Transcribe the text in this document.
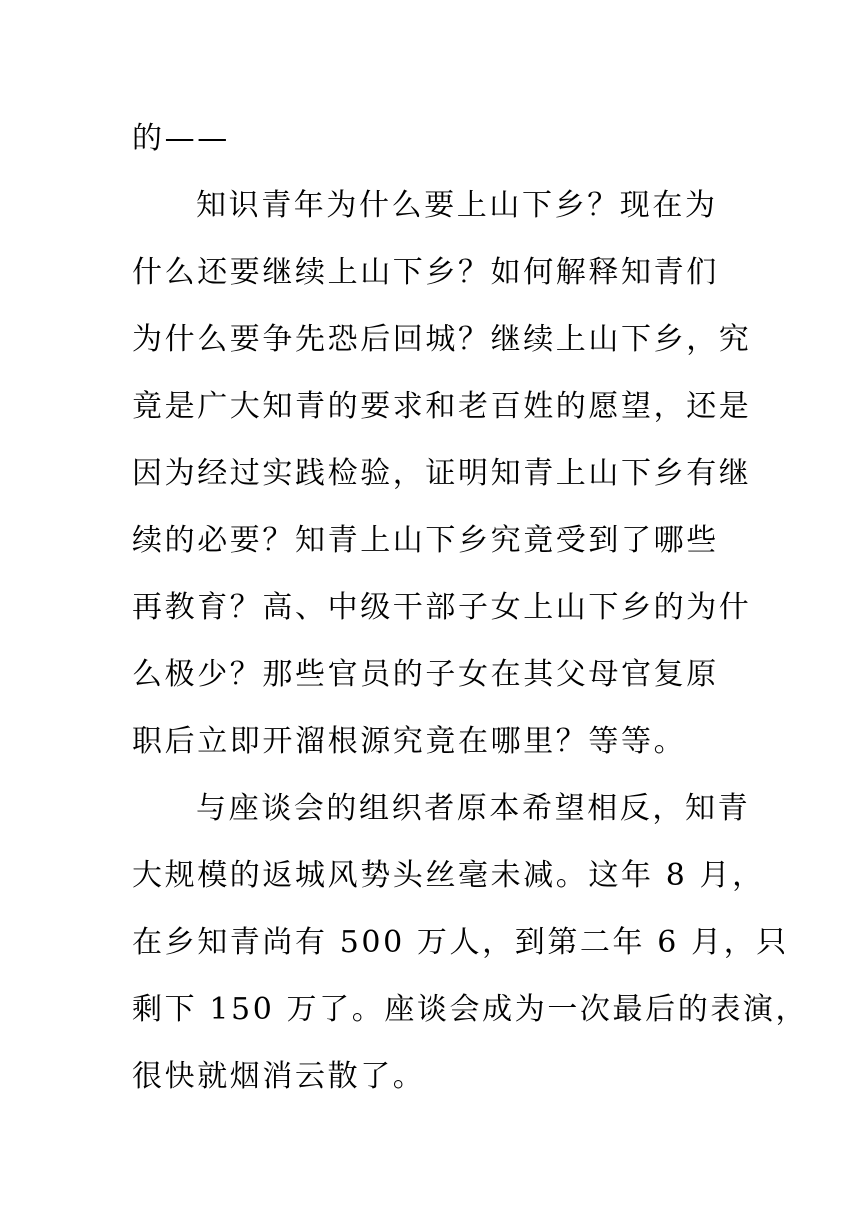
的——
知识青年为什么要上山下乡？现在为
什么还要继续上山下乡？如何解释知青们
为什么要争先恐后回城？继续上山下乡，究
竟是广大知青的要求和老百姓的愿望，还是
因为经过实践检验，证明知青上山下乡有继
续的必要？知青上山下乡究竟受到了哪些
再教育？高、中级干部子女上山下乡的为什
么极少？那些官员的子女在其父母官复原
职后立即开溜根源究竟在哪里？等等。
与座谈会的组织者原本希望相反，知青
大规模的返城风势头丝毫未减。这年 8 月，
在乡知青尚有 500 万人，到第二年 6 月，只
剩下 150 万了。座谈会成为一次最后的表演，
很快就烟消云散了。
